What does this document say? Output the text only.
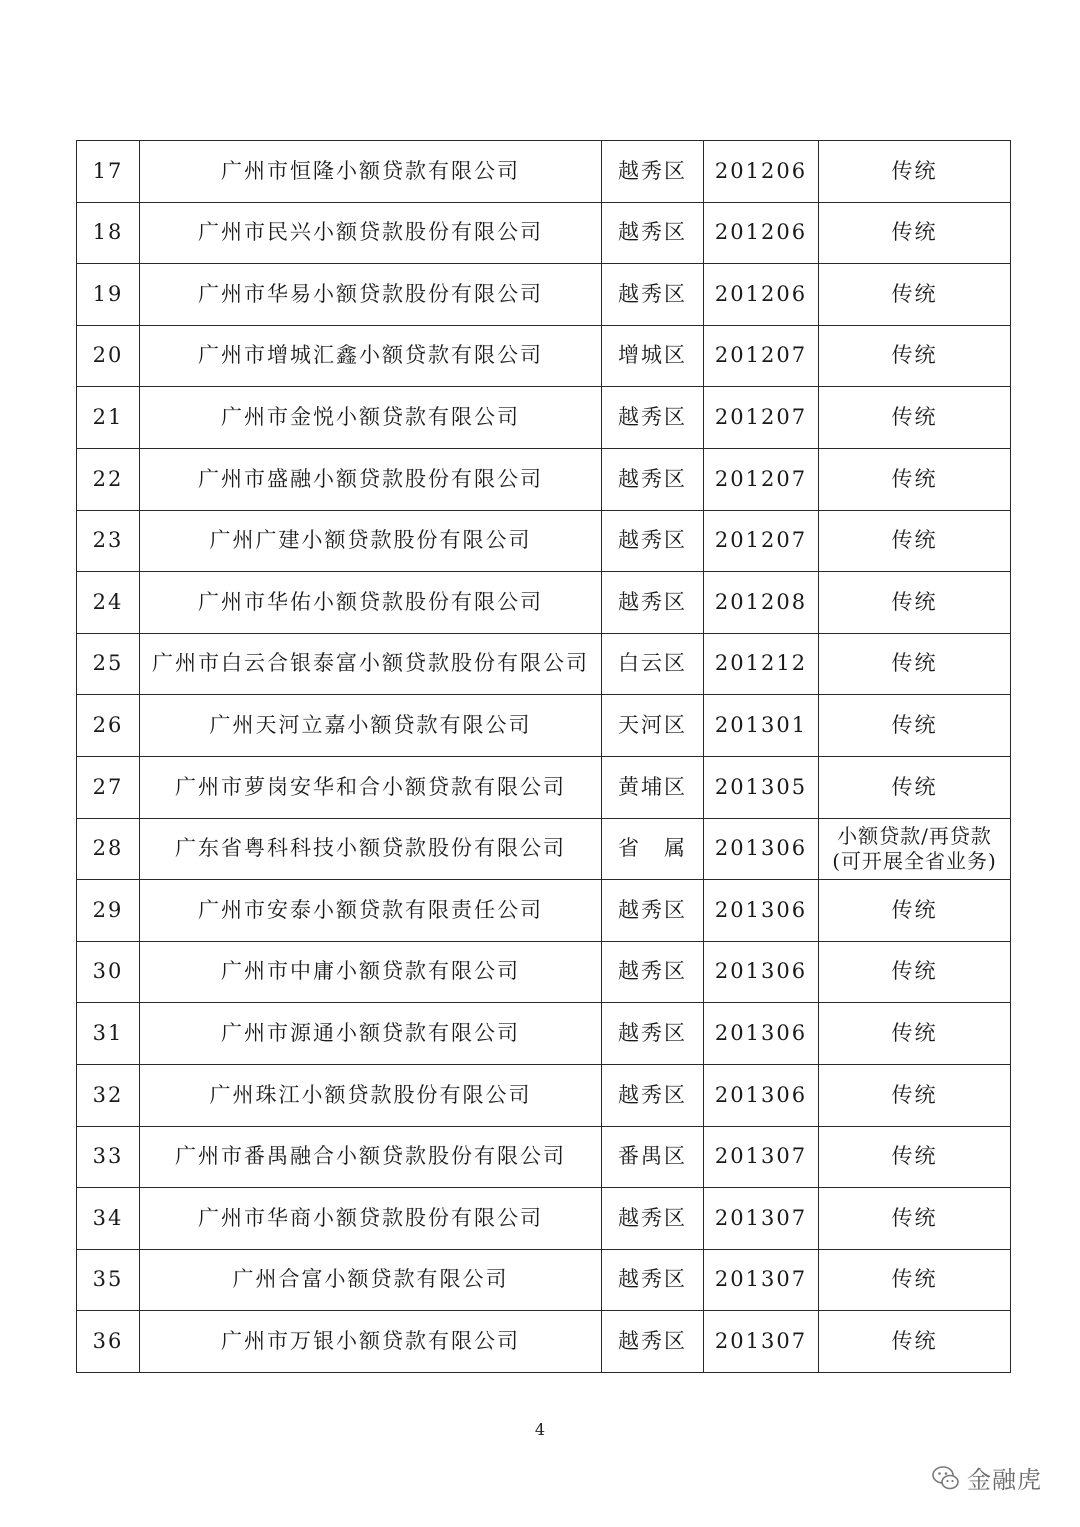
17	广州市恒隆小额贷款有限公司	越秀区	201206	传统

18	广州市民兴小额贷款股份有限公司	越秀区	201206	传统

19	广州市华易小额贷款股份有限公司	越秀区	201206	传统

20	广州市增城汇鑫小额贷款有限公司	增城区	201207	传统

21	广州市金悦小额贷款有限公司	越秀区	201207	传统

22	广州市盛融小额贷款股份有限公司	越秀区	201207	传统

23	广州广建小额贷款股份有限公司	越秀区	201207	传统

24	广州市华佑小额贷款股份有限公司	越秀区	201208	传统

25	广州市白云合银泰富小额贷款股份有限公司	白云区	201212	传统

26	广州天河立嘉小额贷款有限公司	天河区	201301	传统

27	广州市萝岗安华和合小额贷款有限公司	黄埔区	201305	传统

28	广东省粤科科技小额贷款股份有限公司	省　属	201306	小额贷款/再贷款
(可开展全省业务)

29	广州市安泰小额贷款有限责任公司	越秀区	201306	传统

30	广州市中庸小额贷款有限公司	越秀区	201306	传统

31	广州市源通小额贷款有限公司	越秀区	201306	传统

32	广州珠江小额贷款股份有限公司	越秀区	201306	传统

33	广州市番禺融合小额贷款股份有限公司	番禺区	201307	传统

34	广州市华商小额贷款股份有限公司	越秀区	201307	传统

35	广州合富小额贷款有限公司	越秀区	201307	传统

36	广州市万银小额贷款有限公司	越秀区	201307	传统
4
金融虎
